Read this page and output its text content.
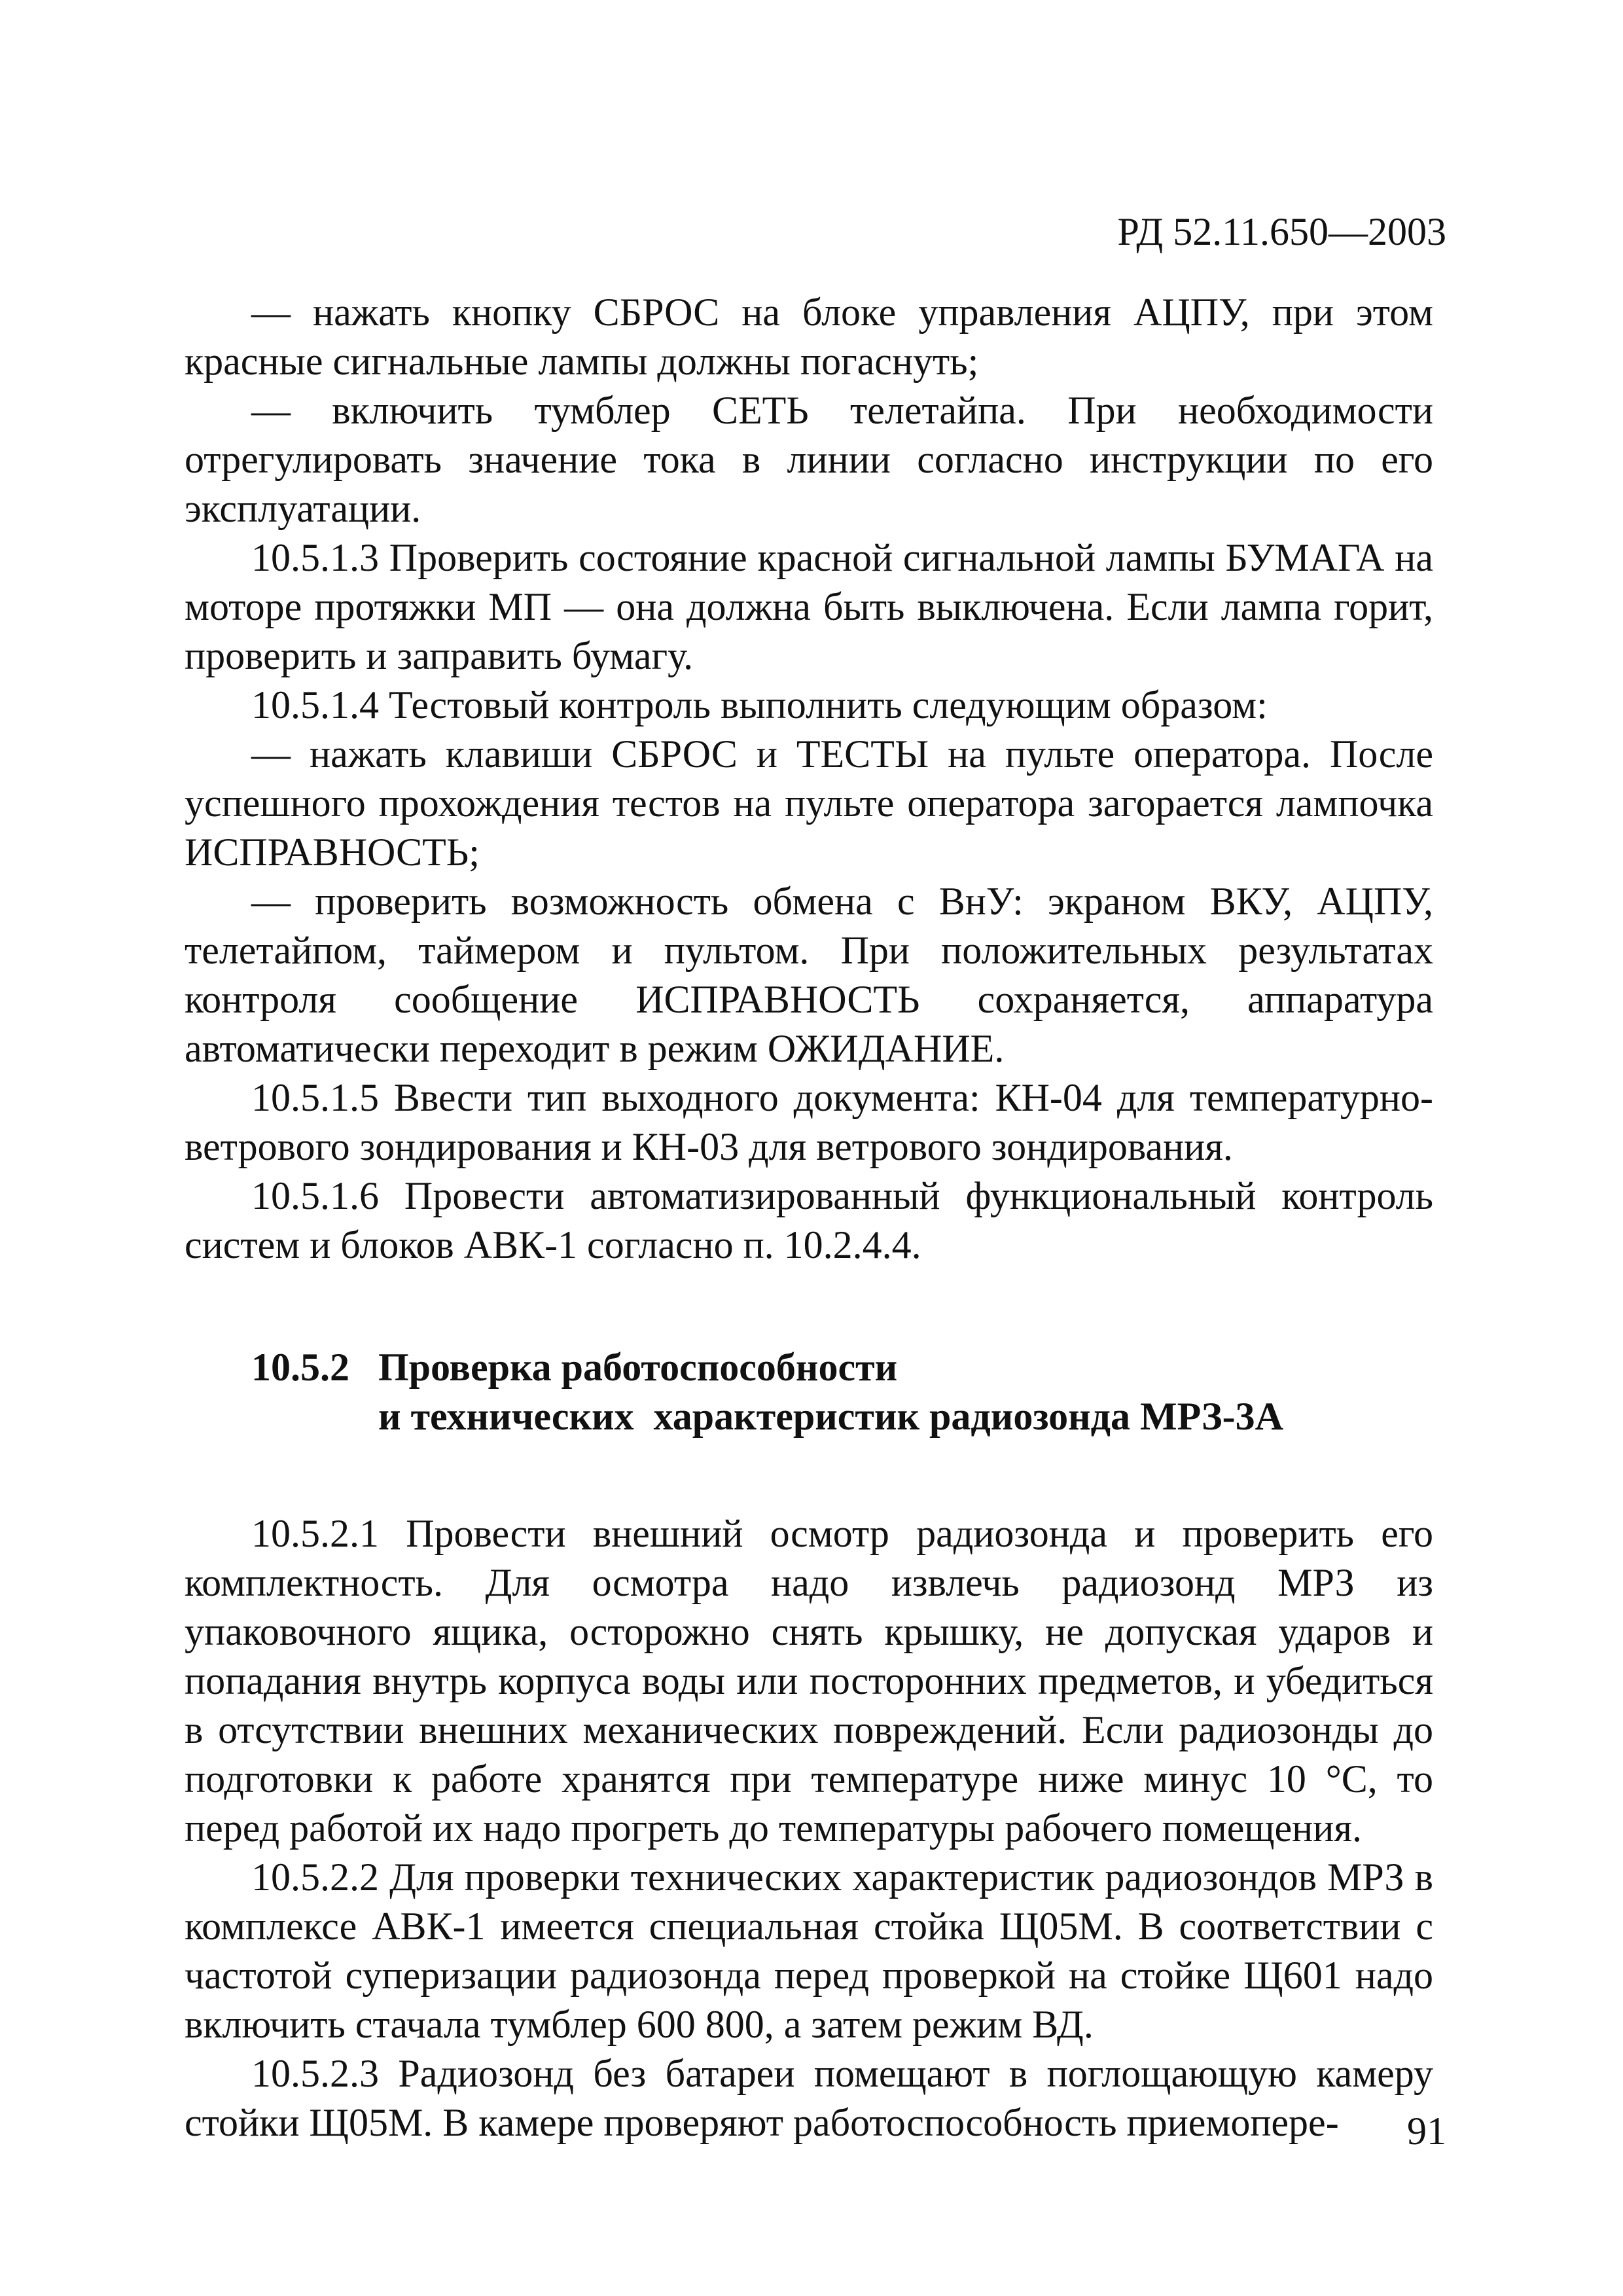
РД 52.11.650—2003

— нажать кнопку СБРОС на блоке управления АЦПУ, при этом красные сигнальные лампы должны погаснуть;

— включить тумблер СЕТЬ телетайпа. При необходимости отрегулировать значение тока в линии согласно инструкции по его эксплуатации.

10.5.1.3 Проверить состояние красной сигнальной лампы БУМАГА на моторе протяжки МП — она должна быть выключена. Если лампа горит, проверить и заправить бумагу.

10.5.1.4 Тестовый контроль выполнить следующим образом:

— нажать клавиши СБРОС и ТЕСТЫ на пульте оператора. После успешного прохождения тестов на пульте оператора загорается лампочка ИСПРАВНОСТЬ;

— проверить возможность обмена с ВнУ: экраном ВКУ, АЦПУ, телетайпом, таймером и пультом. При положительных результатах контроля сообщение ИСПРАВНОСТЬ сохраняется, аппаратура автоматически переходит в режим ОЖИДАНИЕ.

10.5.1.5 Ввести тип выходного документа: КН-04 для температурно-ветрового зондирования и КН-03 для ветрового зондирования.

10.5.1.6 Провести автоматизированный функциональный контроль систем и блоков АВК-1 согласно п. 10.2.4.4.

10.5.2 Проверка работоспособности
и технических  характеристик радиозонда МРЗ-3А

10.5.2.1 Провести внешний осмотр радиозонда и проверить его комплектность. Для осмотра надо извлечь радиозонд МРЗ из упаковочного ящика, осторожно снять крышку, не допуская ударов и попадания внутрь корпуса воды или посторонних предметов, и убедиться в отсутствии внешних механических повреждений. Если радиозонды до подготовки к работе хранятся при температуре ниже минус 10 °С, то перед работой их надо прогреть до температуры рабочего помещения.

10.5.2.2 Для проверки технических характеристик радиозондов МРЗ в комплексе АВК-1 имеется специальная стойка Щ05М. В соответствии с частотой суперизации радиозонда перед проверкой на стойке Щ601 надо включить стачала тумблер 600 800, а затем режим ВД.

10.5.2.3 Радиозонд без батареи помещают в поглощающую камеру стойки Щ05М. В камере проверяют работоспособность приемопере-	91
